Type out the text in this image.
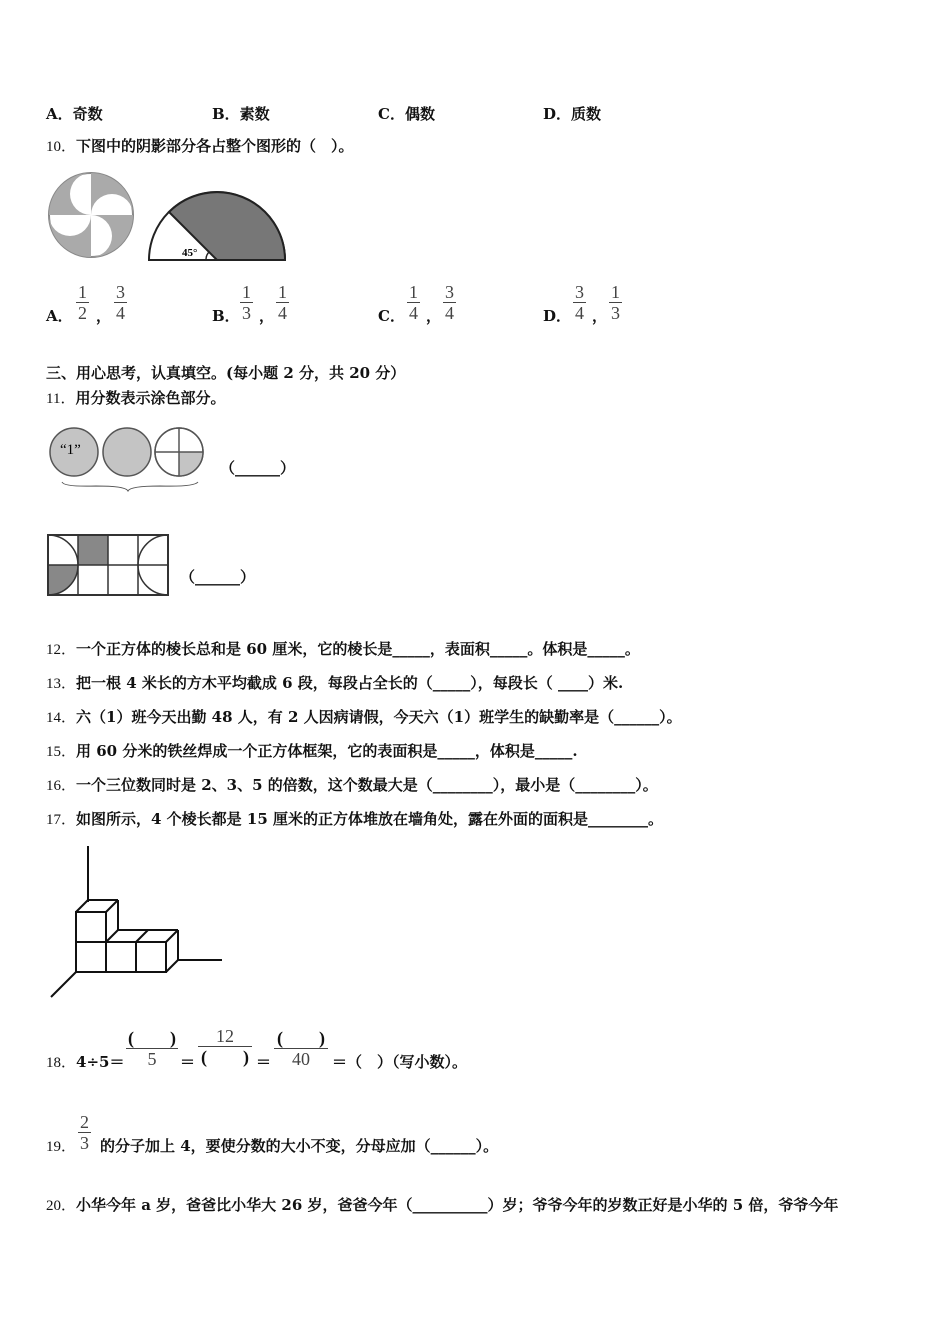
A．奇数	B．素数	C．偶数	D．质数
10．下图中的阴影部分各占整个图形的（　）。
45°
A． $\frac{1}{2}$ ， $\frac{3}{4}$	B． $\frac{1}{3}$ ， $\frac{1}{4}$	C． $\frac{1}{4}$ ， $\frac{3}{4}$	D． $\frac{3}{4}$ ， $\frac{1}{3}$
三、用心思考，认真填空。(每小题 2 分，共 20 分）
11．用分数表示涂色部分。
“1”
（______）
（______）
12．一个正方体的棱长总和是 60 厘米，它的棱长是_____，表面积_____。体积是_____。
13．把一根 4 米长的方木平均截成 6 段，每段占全长的（_____），每段长（ ____）米.
14．六（1）班今天出勤 48 人，有 2 人因病请假，今天六（1）班学生的缺勤率是（______）。
15．用 60 分米的铁丝焊成一个正方体框架，它的表面积是_____，体积是_____.
16．一个三位数同时是 2、3、5 的倍数，这个数最大是（________），最小是（________）。
17．如图所示，4 个棱长都是 15 厘米的正方体堆放在墙角处，露在外面的面积是________。
18．4÷5＝
(　　)
5	＝
12
(　　) ＝
(　　)
40	＝（　）（写小数）。
19． $\frac{2}{3}$ 的分子加上 4，要使分数的大小不变，分母应加（______）。
20．小华今年 a 岁，爸爸比小华大 26 岁，爸爸今年（__________）岁；爷爷今年的岁数正好是小华的 5 倍，爷爷今年
